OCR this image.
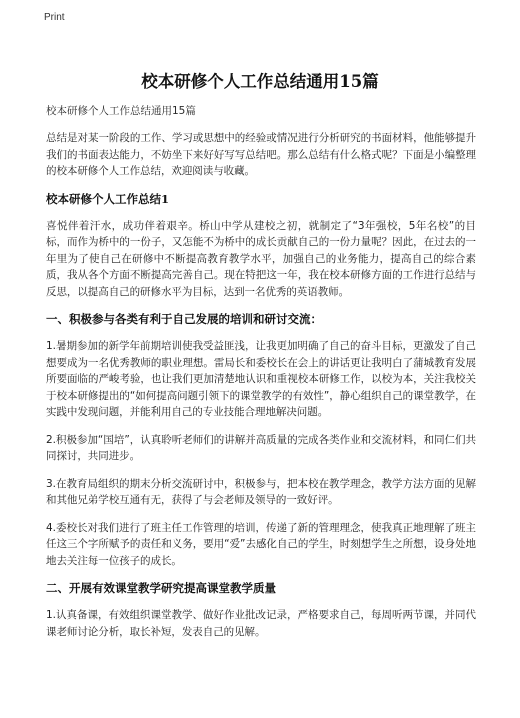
Print
校本研修个人工作总结通用15篇

校本研修个人工作总结通用15篇

总结是对某一阶段的工作、学习或思想中的经验或情况进行分析研究的书面材料，他能够提升我们的书面表达能力，不妨坐下来好好写写总结吧。那么总结有什么格式呢？下面是小编整理的校本研修个人工作总结，欢迎阅读与收藏。

校本研修个人工作总结1

喜悦伴着汗水，成功伴着艰辛。桥山中学从建校之初，就制定了“3年强校，5年名校”的目标，而作为桥中的一份子，又怎能不为桥中的成长贡献自己的一份力量呢？因此，在过去的一年里为了使自己在研修中不断提高教育教学水平，加强自己的业务能力，提高自己的综合素质，我从各个方面不断提高完善自己。现在特把这一年，我在校本研修方面的工作进行总结与反思，以提高自己的研修水平为目标，达到一名优秀的英语教师。

一、积极参与各类有利于自己发展的培训和研讨交流：

1.暑期参加的新学年前期培训使我受益匪浅，让我更加明确了自己的奋斗目标，更激发了自己想要成为一名优秀教师的职业理想。雷局长和委校长在会上的讲话更让我明白了蒲城教育发展所要面临的严峻考验，也让我们更加清楚地认识和重视校本研修工作，以校为本，关注我校关于校本研修提出的“如何提高问题引领下的课堂教学的有效性”，静心组织自己的课堂教学，在实践中发现问题，并能利用自己的专业技能合理地解决问题。

2.积极参加“国培”，认真聆听老师们的讲解并高质量的完成各类作业和交流材料，和同仁们共同探讨，共同进步。

3.在教育局组织的期末分析交流研讨中，积极参与，把本校在教学理念，教学方法方面的见解和其他兄弟学校互通有无，获得了与会老师及领导的一致好评。

4.委校长对我们进行了班主任工作管理的培训，传递了新的管理理念，使我真正地理解了班主任这三个字所赋予的责任和义务，要用“爱”去感化自己的学生，时刻想学生之所想，设身处地地去关注每一位孩子的成长。

二、开展有效课堂教学研究提高课堂教学质量

1.认真备课，有效组织课堂教学、做好作业批改记录，严格要求自己，每周听两节课，并同代课老师讨论分析，取长补短，发表自己的见解。
